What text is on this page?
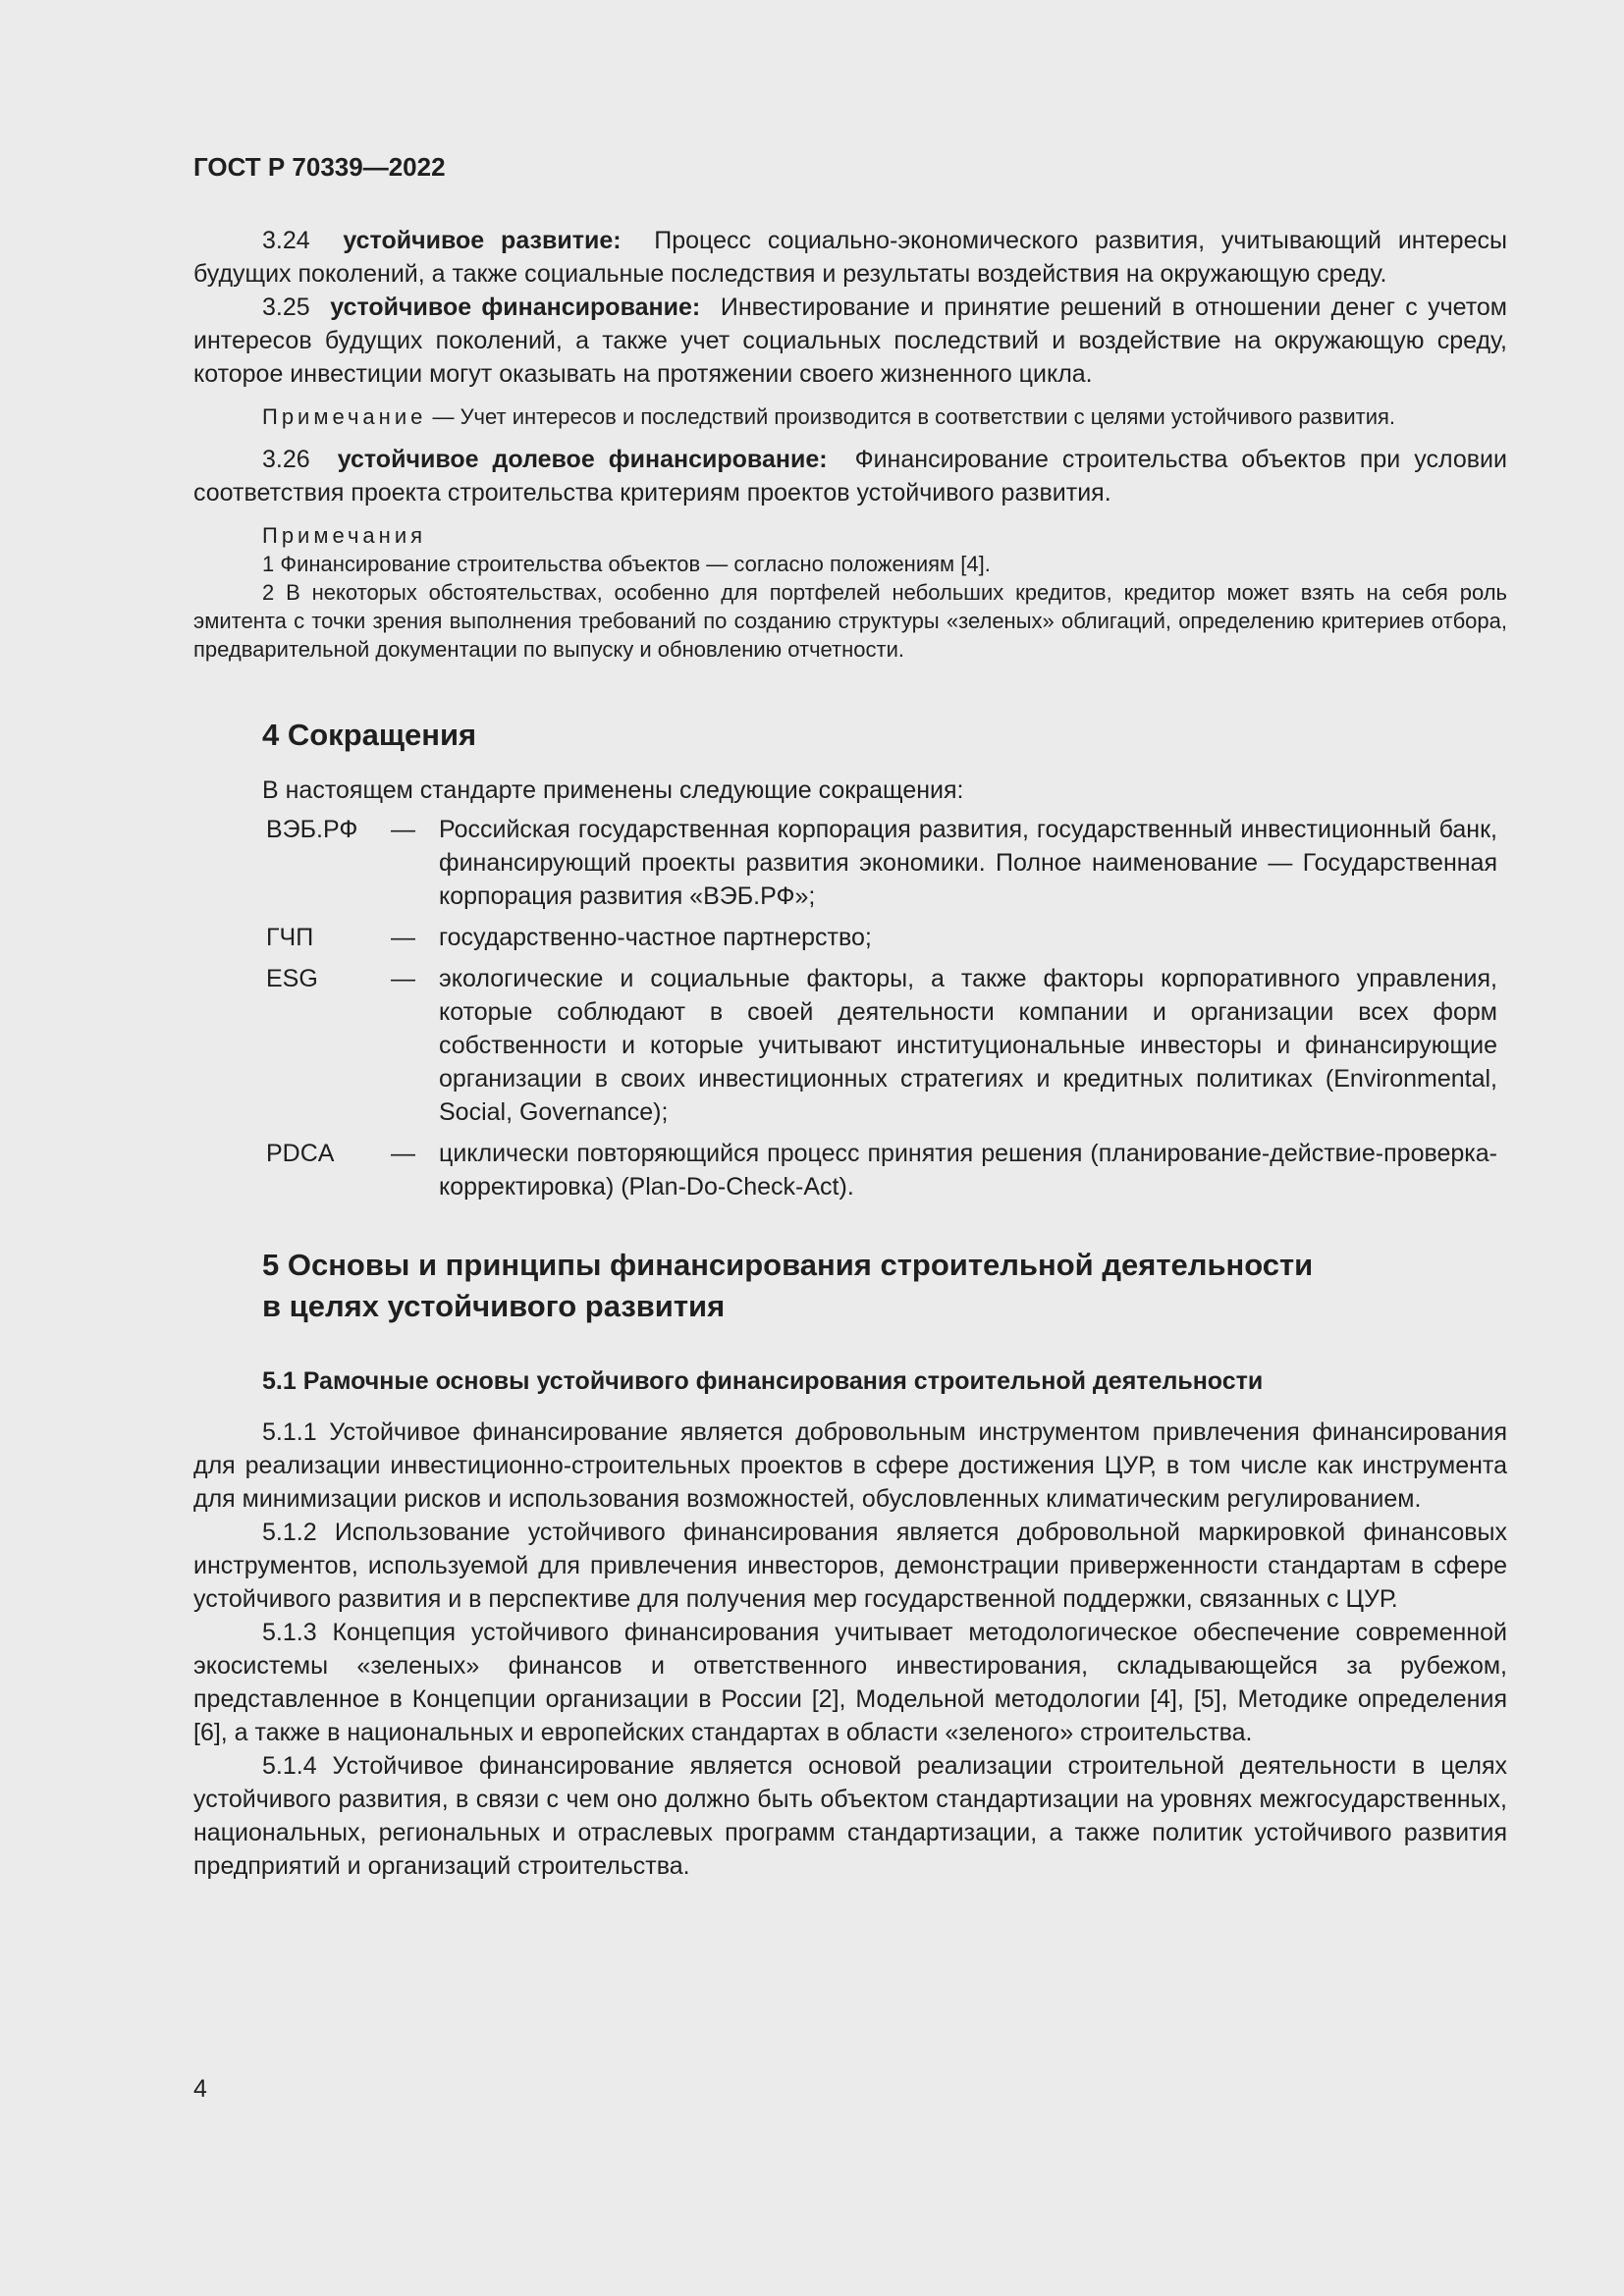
ГОСТ Р 70339—2022

3.24 устойчивое развитие: Процесс социально-экономического развития, учитывающий интересы будущих поколений, а также социальные последствия и результаты воздействия на окружающую среду.

3.25 устойчивое финансирование: Инвестирование и принятие решений в отношении денег с учетом интересов будущих поколений, а также учет социальных последствий и воздействие на окружающую среду, которое инвестиции могут оказывать на протяжении своего жизненного цикла.

Примечание — Учет интересов и последствий производится в соответствии с целями устойчивого развития.

3.26 устойчивое долевое финансирование: Финансирование строительства объектов при условии соответствия проекта строительства критериям проектов устойчивого развития.

Примечания
1 Финансирование строительства объектов — согласно положениям [4].
2 В некоторых обстоятельствах, особенно для портфелей небольших кредитов, кредитор может взять на себя роль эмитента с точки зрения выполнения требований по созданию структуры «зеленых» облигаций, определению критериев отбора, предварительной документации по выпуску и обновлению отчетности.
4 Сокращения

В настоящем стандарте применены следующие сокращения:

ВЭБ.РФ	— Российская государственная корпорация развития, государственный инвестиционный банк, финансирующий проекты развития экономики. Полное наименование — Государственная корпорация развития «ВЭБ.РФ»;
ГЧП	— государственно-частное партнерство;
ESG	— экологические и социальные факторы, а также факторы корпоративного управления, которые соблюдают в своей деятельности компании и организации всех форм собственности и которые учитывают институциональные инвесторы и финансирующие организации в своих инвестиционных стратегиях и кредитных политиках (Environmental, Social, Governance);
PDCA	— циклически повторяющийся процесс принятия решения (планирование-действие-проверка-корректировка) (Plan-Do-Check-Act).
5 Основы и принципы финансирования строительной деятельности
в целях устойчивого развития
5.1 Рамочные основы устойчивого финансирования строительной деятельности

5.1.1 Устойчивое финансирование является добровольным инструментом привлечения финансирования для реализации инвестиционно-строительных проектов в сфере достижения ЦУР, в том числе как инструмента для минимизации рисков и использования возможностей, обусловленных климатическим регулированием.

5.1.2 Использование устойчивого финансирования является добровольной маркировкой финансовых инструментов, используемой для привлечения инвесторов, демонстрации приверженности стандартам в сфере устойчивого развития и в перспективе для получения мер государственной поддержки, связанных с ЦУР.

5.1.3 Концепция устойчивого финансирования учитывает методологическое обеспечение современной экосистемы «зеленых» финансов и ответственного инвестирования, складывающейся за рубежом, представленное в Концепции организации в России [2], Модельной методологии [4], [5], Методике определения [6], а также в национальных и европейских стандартах в области «зеленого» строительства.

5.1.4 Устойчивое финансирование является основой реализации строительной деятельности в целях устойчивого развития, в связи с чем оно должно быть объектом стандартизации на уровнях межгосударственных, национальных, региональных и отраслевых программ стандартизации, а также политик устойчивого развития предприятий и организаций строительства.

4
